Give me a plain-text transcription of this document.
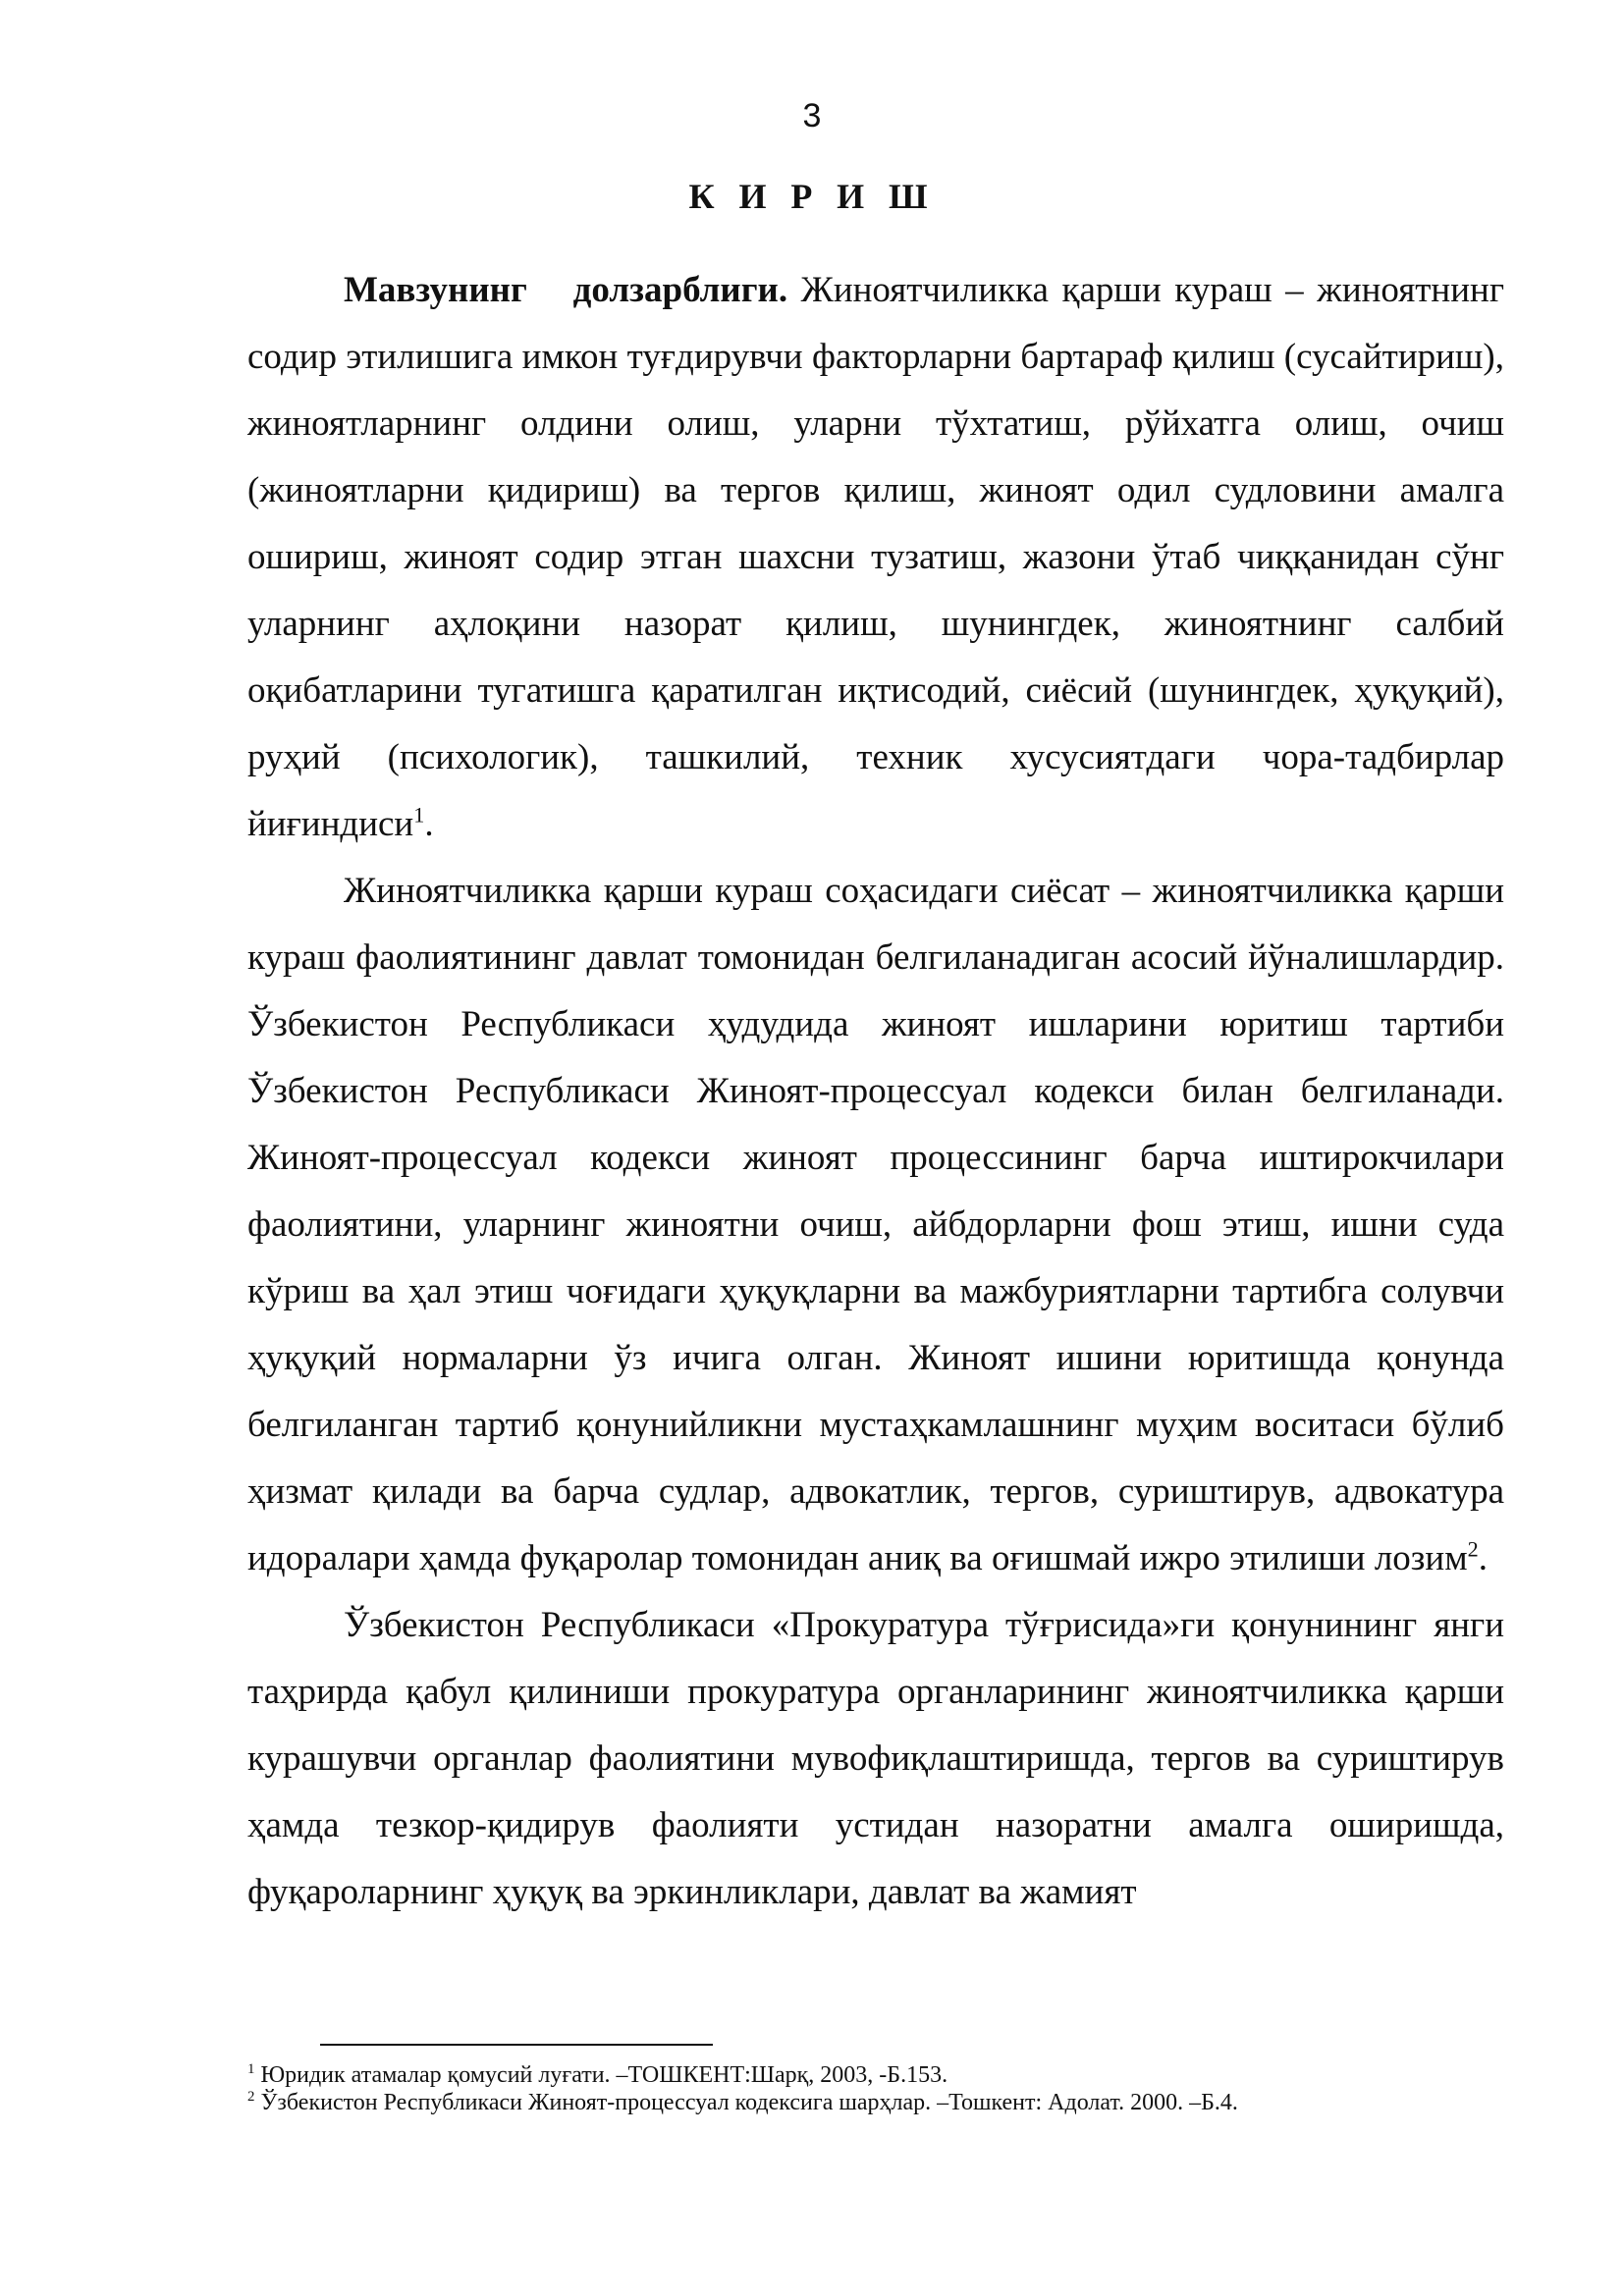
3
К И Р И Ш

Мавзунинг долзарблиги. Жиноятчиликка қарши кураш – жиноятнинг содир этилишига имкон туғдирувчи факторларни бартараф қилиш (сусайтириш), жиноятларнинг олдини олиш, уларни тўхтатиш, рўйхатга олиш, очиш (жиноятларни қидириш) ва тергов қилиш, жиноят одил судловини амалга ошириш, жиноят содир этган шахсни тузатиш, жазони ўтаб чиққанидан сўнг уларнинг аҳлоқини назорат қилиш, шунингдек, жиноятнинг салбий оқибатларини тугатишга қаратилган иқтисодий, сиёсий (шунингдек, ҳуқуқий), руҳий (психологик), ташкилий, техник хусусиятдаги чора-тадбирлар йиғиндиси$^1$.

Жиноятчиликка қарши кураш соҳасидаги сиёсат – жиноятчиликка қарши кураш фаолиятининг давлат томонидан белгиланадиган асосий йўналишлардир. Ўзбекистон Республикаси ҳудудида жиноят ишларини юритиш тартиби Ўзбекистон Республикаси Жиноят-процессуал кодекси билан белгиланади. Жиноят-процессуал кодекси жиноят процессининг барча иштирокчилари фаолиятини, уларнинг жиноятни очиш, айбдорларни фош этиш, ишни суда кўриш ва ҳал этиш чоғидаги ҳуқуқларни ва мажбуриятларни тартибга солувчи ҳуқуқий нормаларни ўз ичига олган. Жиноят ишини юритишда қонунда белгиланган тартиб қонунийликни мустаҳкамлашнинг муҳим воситаси бўлиб ҳизмат қилади ва барча судлар, адвокатлик, тергов, суриштирув, адвокатура идоралари ҳамда фуқаролар томонидан аниқ ва оғишмай ижро этилиши лозим$^2$.

Ўзбекистон Республикаси «Прокуратура тўғрисида»ги қонунининг янги таҳрирда қабул қилиниши прокуратура органларининг жиноятчиликка қарши курашувчи органлар фаолиятини мувофиқлаштиришда, тергов ва суриштирув ҳамда тезкор-қидирув фаолияти устидан назоратни амалга оширишда, фуқароларнинг ҳуқуқ ва эркинликлари, давлат ва жамият

$^1$ Юридик атамалар қомусий луғати. –ТОШКЕНТ:Шарқ, 2003, -Б.153.
$^2$ Ўзбекистон Республикаси Жиноят-процессуал кодексига шарҳлар. –Тошкент: Адолат. 2000. –Б.4.
